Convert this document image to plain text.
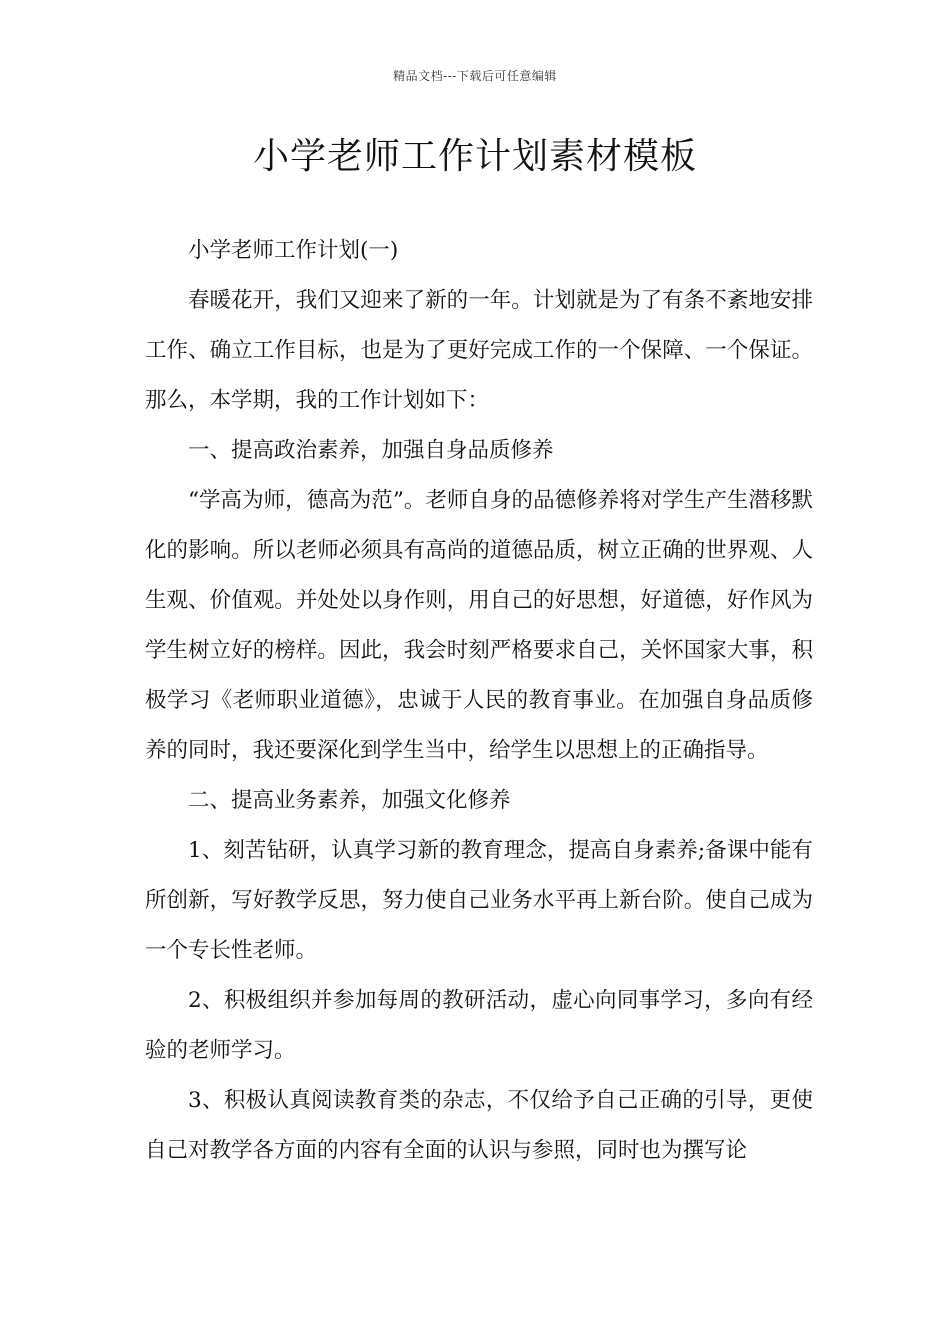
精品文档---下载后可任意编辑
小学老师工作计划素材模板

小学老师工作计划(一)

春暖花开，我们又迎来了新的一年。计划就是为了有条不紊地安排工作、确立工作目标，也是为了更好完成工作的一个保障、一个保证。那么，本学期，我的工作计划如下：

一、提高政治素养，加强自身品质修养

“学高为师，德高为范”。老师自身的品德修养将对学生产生潜移默化的影响。所以老师必须具有高尚的道德品质，树立正确的世界观、人生观、价值观。并处处以身作则，用自己的好思想，好道德，好作风为学生树立好的榜样。因此，我会时刻严格要求自己，关怀国家大事，积极学习《老师职业道德》，忠诚于人民的教育事业。在加强自身品质修养的同时，我还要深化到学生当中，给学生以思想上的正确指导。

二、提高业务素养，加强文化修养

1、刻苦钻研，认真学习新的教育理念，提高自身素养;备课中能有所创新，写好教学反思，努力使自己业务水平再上新台阶。使自己成为一个专长性老师。

2、积极组织并参加每周的教研活动，虚心向同事学习，多向有经验的老师学习。

3、积极认真阅读教育类的杂志，不仅给予自己正确的引导，更使自己对教学各方面的内容有全面的认识与参照，同时也为撰写论
